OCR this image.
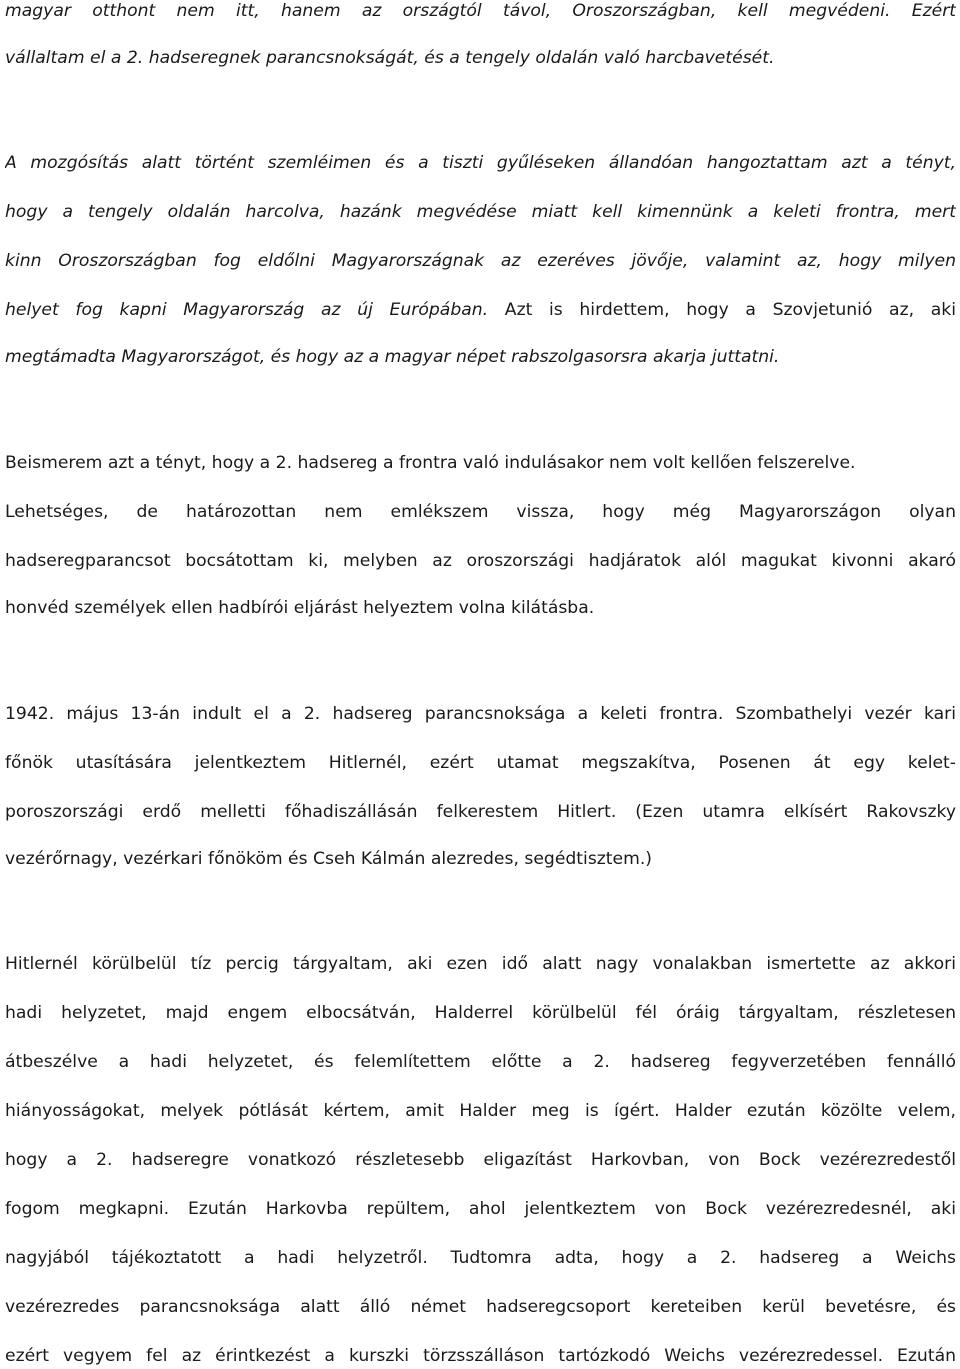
magyar otthont nem itt, hanem az országtól távol, Oroszországban, kell megvédeni. Ezért
vállaltam el a 2. hadseregnek parancsnokságát, és a tengely oldalán való harcbavetését.
A mozgósítás alatt történt szemléimen és a tiszti gyűléseken állandóan hangoztattam azt a tényt,
hogy a tengely oldalán harcolva, hazánk megvédése miatt kell kimennünk a keleti frontra, mert
kinn Oroszországban fog eldőlni Magyarországnak az ezeréves jövője, valamint az, hogy milyen
helyet fog kapni Magyarország az új Európában. Azt is hirdettem, hogy a Szovjetunió az, aki
megtámadta Magyarországot, és hogy az a magyar népet rabszolgasorsra akarja juttatni.
Beismerem azt a tényt, hogy a 2. hadsereg a frontra való indulásakor nem volt kellően felszerelve.
Lehetséges, de határozottan nem emlékszem vissza, hogy még Magyarországon olyan
hadseregparancsot bocsátottam ki, melyben az oroszországi hadjáratok alól magukat kivonni akaró
honvéd személyek ellen hadbírói eljárást helyeztem volna kilátásba.
1942. május 13-án indult el a 2. hadsereg parancsnoksága a keleti frontra. Szombathelyi vezér kari
főnök utasítására jelentkeztem Hitlernél, ezért utamat megszakítva, Posenen át egy kelet-
poroszországi erdő melletti főhadiszállásán felkerestem Hitlert. (Ezen utamra elkísért Rakovszky
vezérőrnagy, vezérkari főnököm és Cseh Kálmán alezredes, segédtisztem.)
Hitlernél körülbelül tíz percig tárgyaltam, aki ezen idő alatt nagy vonalakban ismertette az akkori
hadi helyzetet, majd engem elbocsátván, Halderrel körülbelül fél óráig tárgyaltam, részletesen
átbeszélve a hadi helyzetet, és felemlítettem előtte a 2. hadsereg fegyverzetében fennálló
hiányosságokat, melyek pótlását kértem, amit Halder meg is ígért. Halder ezután közölte velem,
hogy a 2. hadseregre vonatkozó részletesebb eligazítást Harkovban, von Bock vezérezredestől
fogom megkapni. Ezután Harkovba repültem, ahol jelentkeztem von Bock vezérezredesnél, aki
nagyjából tájékoztatott a hadi helyzetről. Tudtomra adta, hogy a 2. hadsereg a Weichs
vezérezredes parancsnoksága alatt álló német hadseregcsoport kereteiben kerül bevetésre, és
ezért vegyem fel az érintkezést a kurszki törzsszálláson tartózkodó Weichs vezérezredessel. Ezután
